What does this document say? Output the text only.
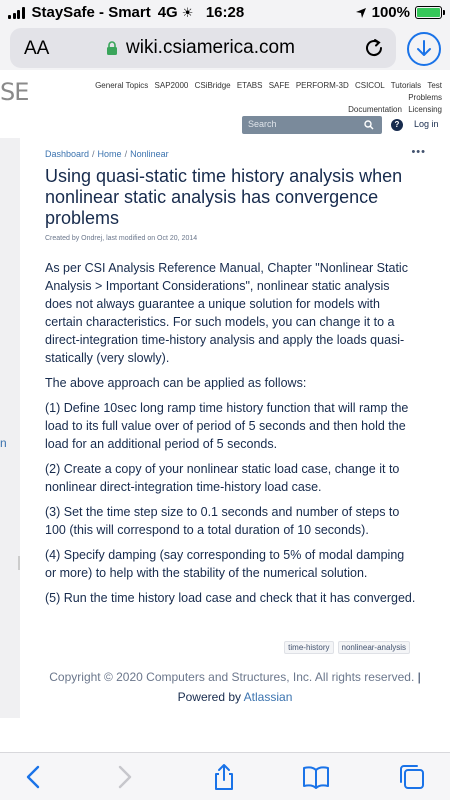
StaySafe - Smart 4G ☀ 16:28	100%
AA	wiki.csiamerica.com
SE	General Topics SAP2000 CSiBridge ETABS SAFE PERFORM-3D CSICOL Tutorials Test Problems
Documentation Licensing
Search	?	Log in
n
Dashboard / Home / Nonlinear	•••
Using quasi-static time history analysis when nonlinear static analysis has convergence problems
Created by Ondrej, last modified on Oct 20, 2014

As per CSI Analysis Reference Manual, Chapter "Nonlinear Static Analysis > Important Considerations", nonlinear static analysis does not always guarantee a unique solution for models with certain characteristics. For such models, you can change it to a direct-integration time-history analysis and apply the loads quasi-statically (very slowly).

The above approach can be applied as follows:

(1) Define 10sec long ramp time history function that will ramp the load to its full value over of period of 5 seconds and then hold the load for an additional period of 5 seconds.

(2) Create a copy of your nonlinear static load case, change it to nonlinear direct-integration time-history load case.

(3) Set the time step size to 0.1 seconds and number of steps to 100 (this will correspond to a total duration of 10 seconds).

(4) Specify damping (say corresponding to 5% of modal damping or more) to help with the stability of the numerical solution.

(5) Run the time history load case and check that it has converged.

time-history	nonlinear-analysis
Copyright © 2020 Computers and Structures, Inc. All rights reserved. | Powered by Atlassian
